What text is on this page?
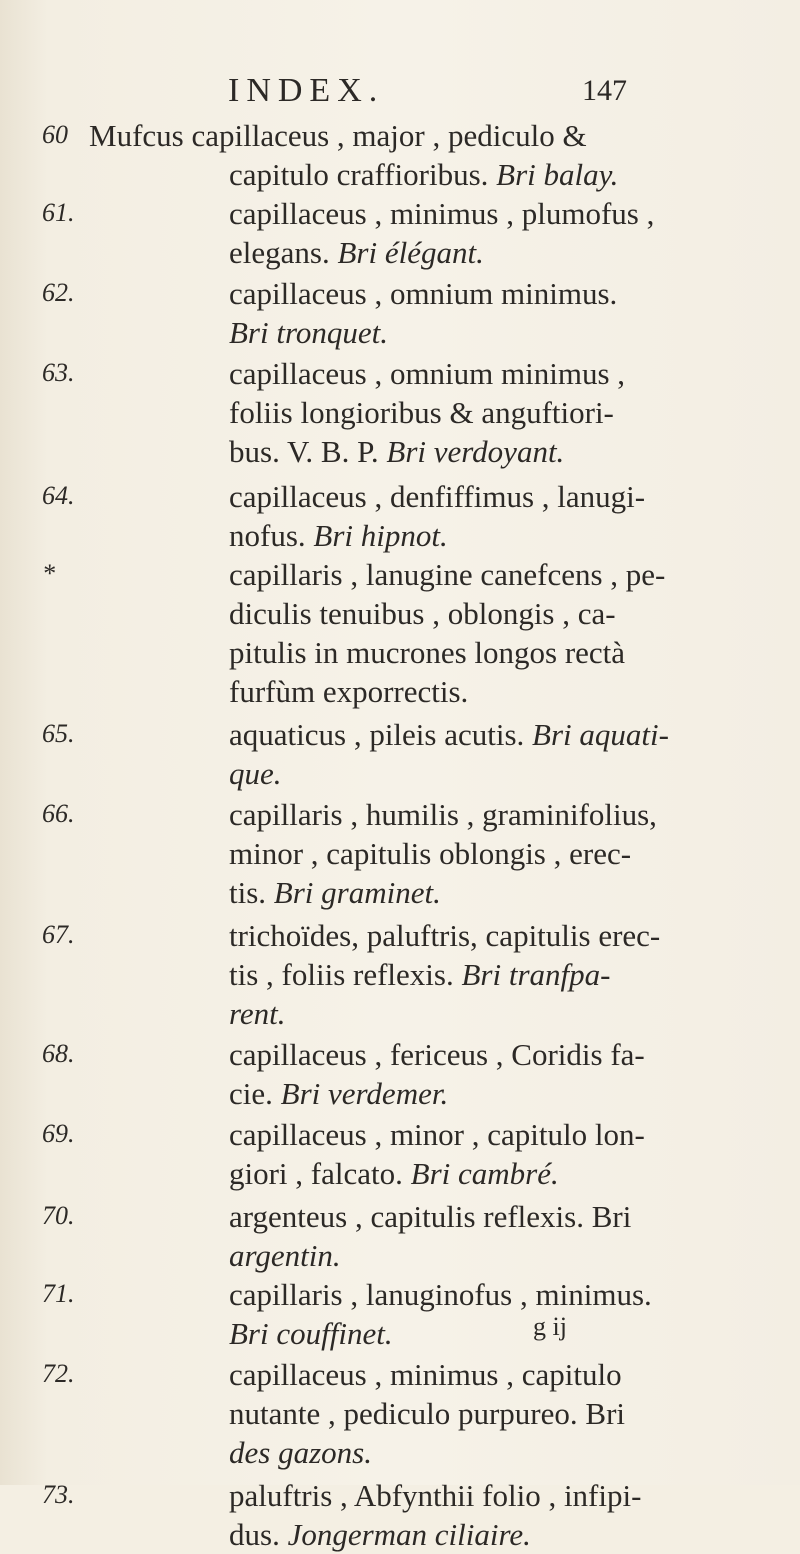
INDEX.	147
60 Mufcus capillaceus , major , pediculo &
capitulo craffioribus. Bri balay.
61.	capillaceus , minimus , plumofus ,
elegans. Bri élégant.
62.	capillaceus , omnium minimus.
Bri tronquet.
63.	capillaceus , omnium minimus ,
foliis longioribus & anguftiori-
bus. V. B. P. Bri verdoyant.
64.	capillaceus , denfiffimus , lanugi-
nofus. Bri hipnot.
*	capillaris , lanugine canefcens , pe-
diculis tenuibus , oblongis , ca-
pitulis in mucrones longos rectà
furfùm exporrectis.
65.	aquaticus , pileis acutis. Bri aquati-
que.
66.	capillaris , humilis , graminifolius,
minor , capitulis oblongis , erec-
tis. Bri graminet.
67.	trichoïdes, paluftris, capitulis erec-
tis , foliis reflexis. Bri tranfpa-
rent.
68.	capillaceus , fericeus , Coridis fa-
cie. Bri verdemer.
69.	capillaceus , minor , capitulo lon-
giori , falcato. Bri cambré.
70.	argenteus , capitulis reflexis. Bri
argentin.
71.	capillaris , lanuginofus , minimus.
Bri couffinet.
72.	capillaceus , minimus , capitulo
nutante , pediculo purpureo. Bri
des gazons.
73.	paluftris , Abfynthii folio , infipi-
dus. Jongerman ciliaire.
g ij
